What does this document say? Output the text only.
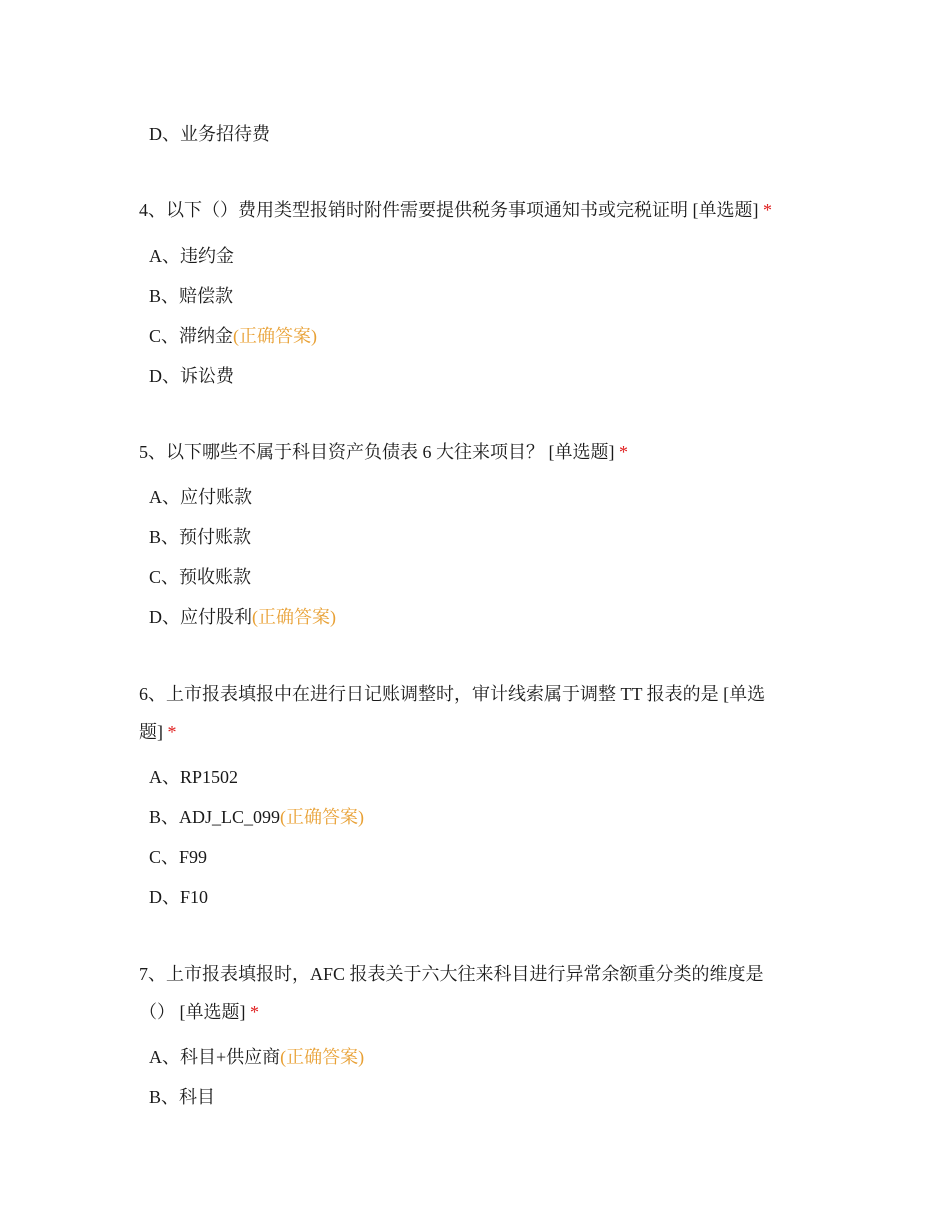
D、业务招待费
4、以下（）费用类型报销时附件需要提供税务事项通知书或完税证明 [单选题] *
A、违约金
B、赔偿款
C、滞纳金(正确答案)
D、诉讼费
5、以下哪些不属于科目资产负债表 6 大往来项目？ [单选题] *
A、应付账款
B、预付账款
C、预收账款
D、应付股利(正确答案)
6、上市报表填报中在进行日记账调整时，审计线索属于调整 TT 报表的是 [单选
题] *
A、RP1502
B、ADJ_LC_099(正确答案)
C、F99
D、F10
7、上市报表填报时，AFC 报表关于六大往来科目进行异常余额重分类的维度是
（） [单选题] *
A、科目+供应商(正确答案)
B、科目
